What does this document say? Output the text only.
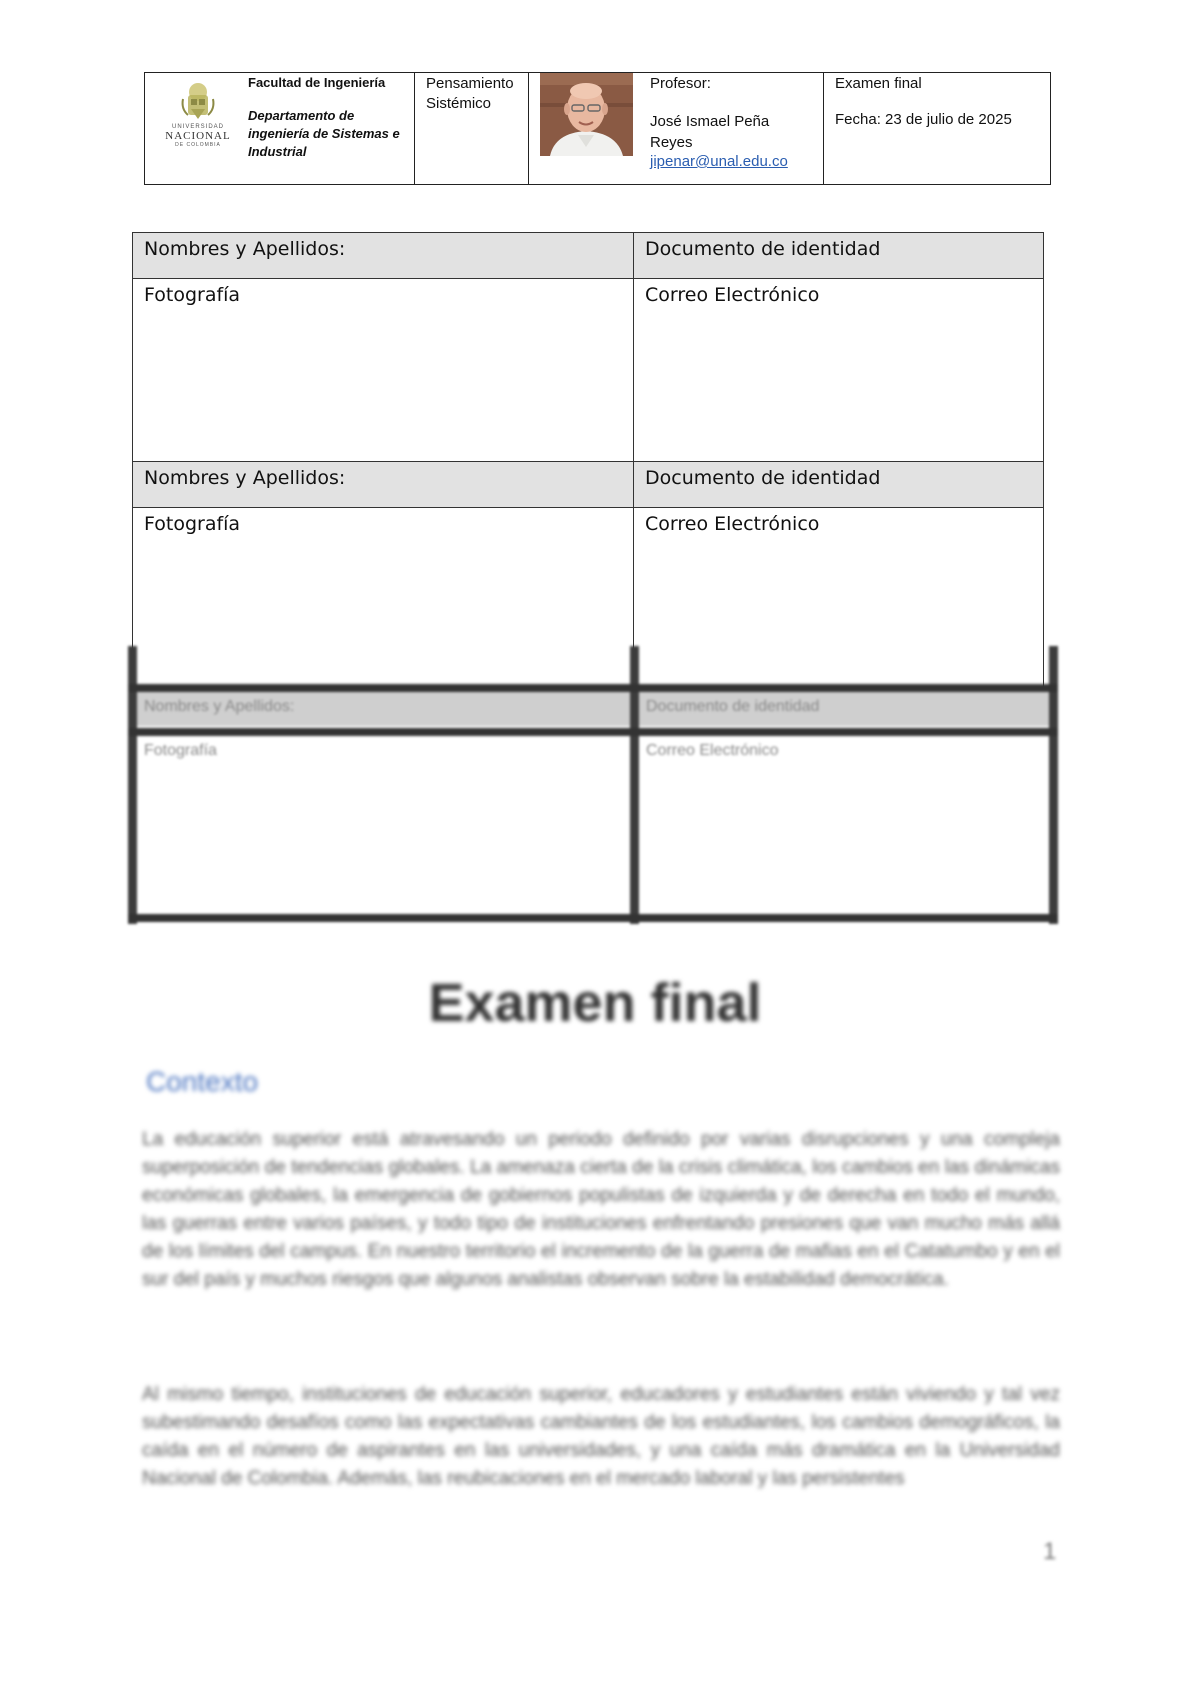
UNIVERSIDAD
NACIONAL
DE COLOMBIA
Facultad de Ingeniería
Departamento de ingeniería de Sistemas e Industrial
Pensamiento Sistémico
Profesor:
José Ismael Peña Reyes
jipenar@unal.edu.co
Examen final
Fecha: 23 de julio de 2025
Nombres y Apellidos:	Documento de identidad
Fotografía	Correo Electrónico
Nombres y Apellidos:	Documento de identidad
Fotografía	Correo Electrónico
Nombres y Apellidos:	Documento de identidad
Fotografía	Correo Electrónico
Examen final
Contexto
La educación superior está atravesando un periodo definido por varias disrupciones y una compleja superposición de tendencias globales. La amenaza cierta de la crisis climática, los cambios en las dinámicas económicas globales, la emergencia de gobiernos populistas de izquierda y de derecha en todo el mundo, las guerras entre varios países, y todo tipo de instituciones enfrentando presiones que van mucho más allá de los límites del campus. En nuestro territorio el incremento de la guerra de mafias en el Catatumbo y en el sur del país y muchos riesgos que algunos analistas observan sobre la estabilidad democrática.
Al mismo tiempo, instituciones de educación superior, educadores y estudiantes están viviendo y tal vez subestimando desafíos como las expectativas cambiantes de los estudiantes, los cambios demográficos, la caída en el número de aspirantes en las universidades, y una caída más dramática en la Universidad Nacional de Colombia. Además, las reubicaciones en el mercado laboral y las persistentes
1
